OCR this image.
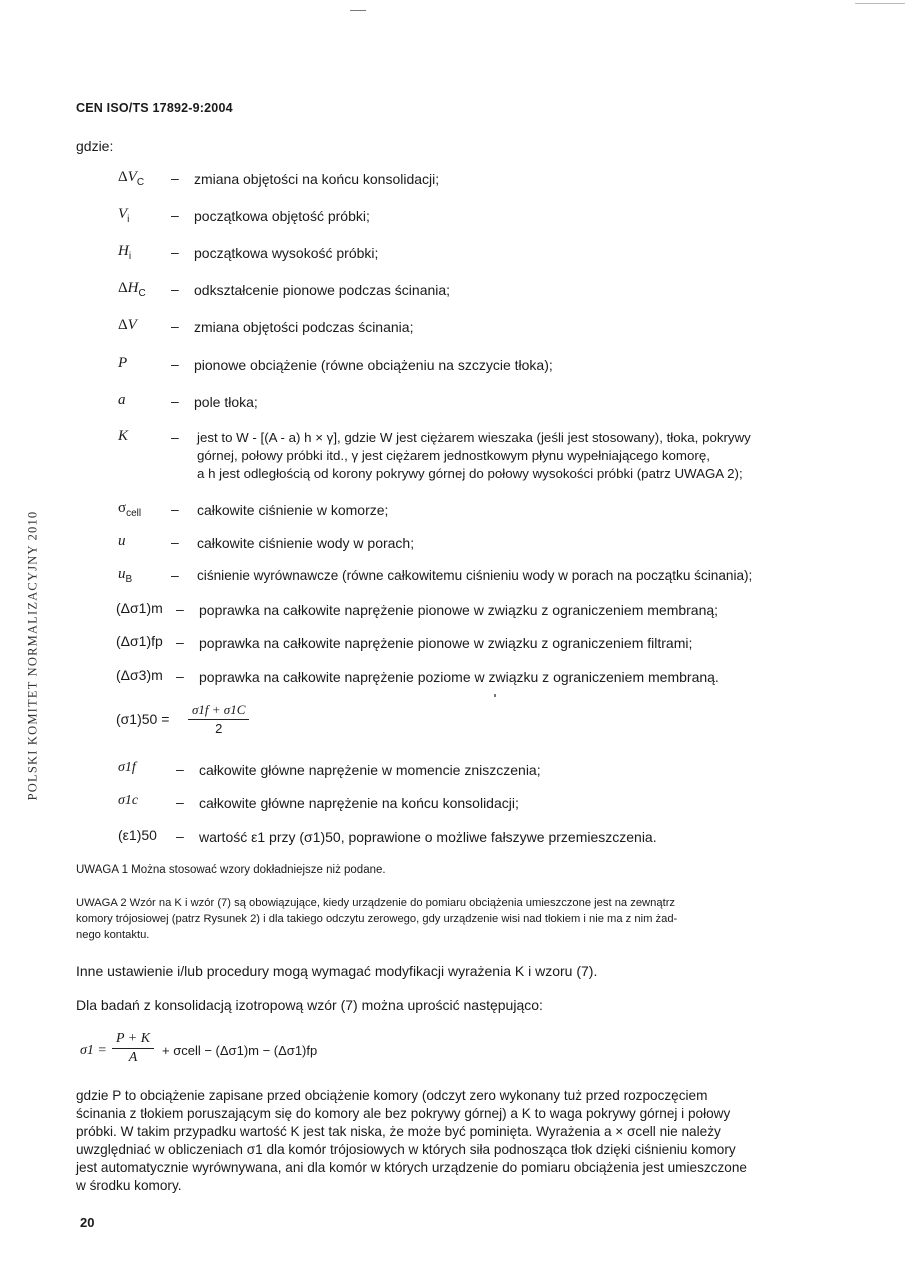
CEN ISO/TS 17892-9:2004
gdzie:
$\Delta V_C$ – zmiana objętości na końcu konsolidacji;
$V_i$	– początkowa objętość próbki;
$H_i$	– początkowa wysokość próbki;
$\Delta H_C$ – odkształcenie pionowe podczas ścinania;
ΔV – zmiana objętości podczas ścinania;
P	– pionowe obciążenie (równe obciążeniu na szczycie tłoka);
a	– pole tłoka;
K	– jest to W - [(A - a) h × γ], gdzie W jest ciężarem wieszaka (jeśli jest stosowany), tłoka, pokrywy
górnej, połowy próbki itd., γ jest ciężarem jednostkowym płynu wypełniającego komorę,
a h jest odległością od korony pokrywy górnej do połowy wysokości próbki (patrz UWAGA 2);
$\sigma_{cell}$ – całkowite ciśnienie w komorze;
u	– całkowite ciśnienie wody w porach;
$u_B$	– ciśnienie wyrównawcze (równe całkowitemu ciśnieniu wody w porach na początku ścinania);
(Δσ1)m – poprawka na całkowite naprężenie pionowe w związku z ograniczeniem membraną;
(Δσ1)fp – poprawka na całkowite naprężenie pionowe w związku z ograniczeniem filtrami;
(Δσ3)m – poprawka na całkowite naprężenie poziome w związku z ograniczeniem membraną.
$(\sigma 1)50 = \frac{\sigma 1f + \sigma 1C}{2}$
σ1f	– całkowite główne naprężenie w momencie zniszczenia;
σ1c	– całkowite główne naprężenie na końcu konsolidacji;
(ε1)50 – wartość ε1 przy (σ1)50, poprawione o możliwe fałszywe przemieszczenia.
UWAGA 1 Można stosować wzory dokładniejsze niż podane.
UWAGA 2 Wzór na K i wzór (7) są obowiązujące, kiedy urządzenie do pomiaru obciążenia umieszczone jest na zewnątrz
komory trójosiowej (patrz Rysunek 2) i dla takiego odczytu zerowego, gdy urządzenie wisi nad tłokiem i nie ma z nim żad-
nego kontaktu.
Inne ustawienie i/lub procedury mogą wymagać modyfikacji wyrażenia K i wzoru (7).
Dla badań z konsolidacją izotropową wzór (7) można uprościć następująco:
$\sigma 1 = \frac{P + K}{A}$ + σcell − (Δσ1)m − (Δσ1)fp
gdzie P to obciążenie zapisane przed obciążenie komory (odczyt zero wykonany tuż przed rozpoczęciem
ścinania z tłokiem poruszającym się do komory ale bez pokrywy górnej) a K to waga pokrywy górnej i połowy
próbki. W takim przypadku wartość K jest tak niska, że może być pominięta. Wyrażenia a × σcell nie należy
uwzględniać w obliczeniach σ1 dla komór trójosiowych w których siła podnosząca tłok dzięki ciśnieniu komory
jest automatycznie wyrównywana, ani dla komór w których urządzenie do pomiaru obciążenia jest umieszczone
w środku komory.
POLSKI KOMITET NORMALIZACYJNY 2010
20
